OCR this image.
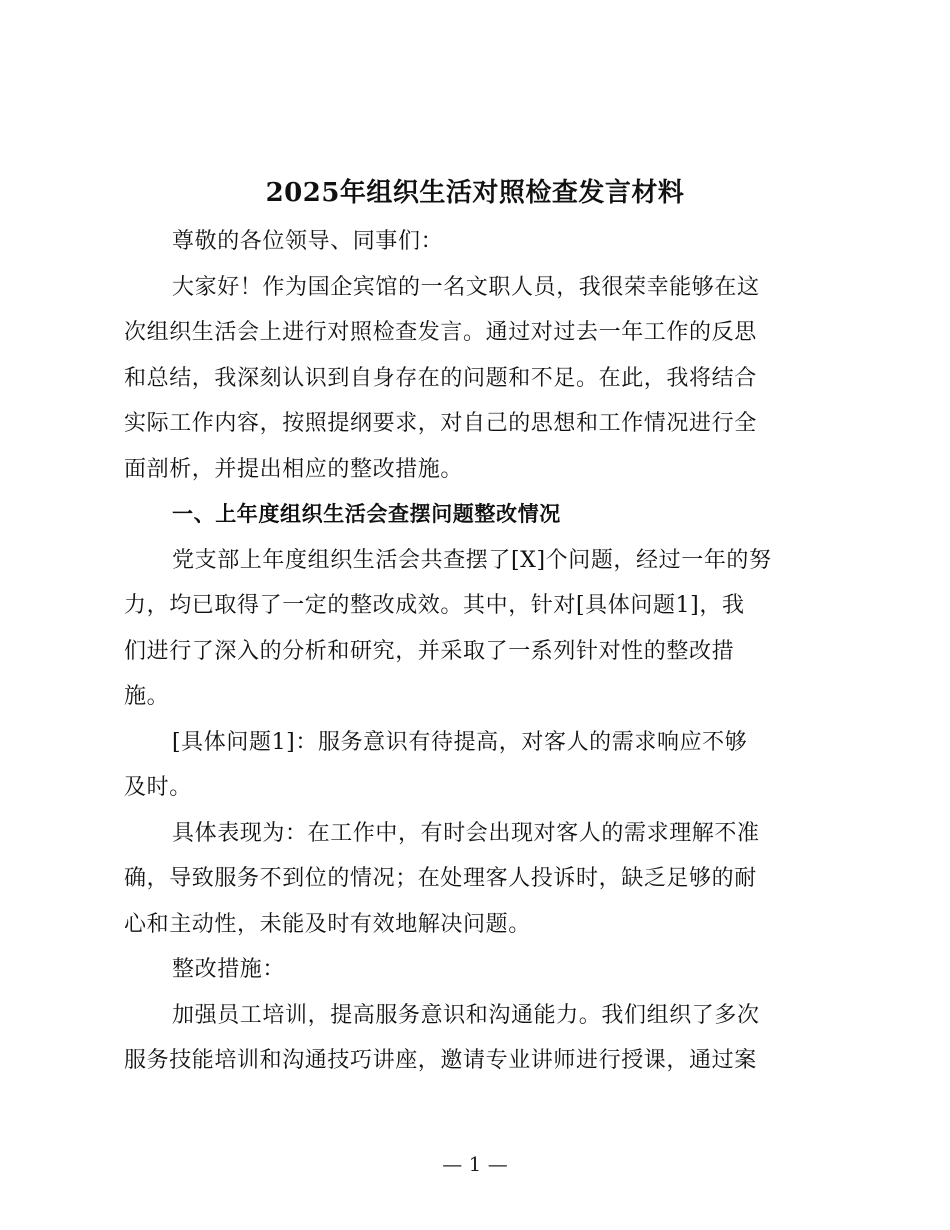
2025年组织生活对照检查发言材料

尊敬的各位领导、同事们：

大家好！作为国企宾馆的一名文职人员，我很荣幸能够在这
次组织生活会上进行对照检查发言。通过对过去一年工作的反思
和总结，我深刻认识到自身存在的问题和不足。在此，我将结合
实际工作内容，按照提纲要求，对自己的思想和工作情况进行全
面剖析，并提出相应的整改措施。

一、上年度组织生活会查摆问题整改情况

党支部上年度组织生活会共查摆了[X]个问题，经过一年的努
力，均已取得了一定的整改成效。其中，针对[具体问题1]，我
们进行了深入的分析和研究，并采取了一系列针对性的整改措
施。

[具体问题1]：服务意识有待提高，对客人的需求响应不够
及时。

具体表现为：在工作中，有时会出现对客人的需求理解不准
确，导致服务不到位的情况；在处理客人投诉时，缺乏足够的耐
心和主动性，未能及时有效地解决问题。

整改措施：

加强员工培训，提高服务意识和沟通能力。我们组织了多次
服务技能培训和沟通技巧讲座，邀请专业讲师进行授课，通过案

— 1 —
